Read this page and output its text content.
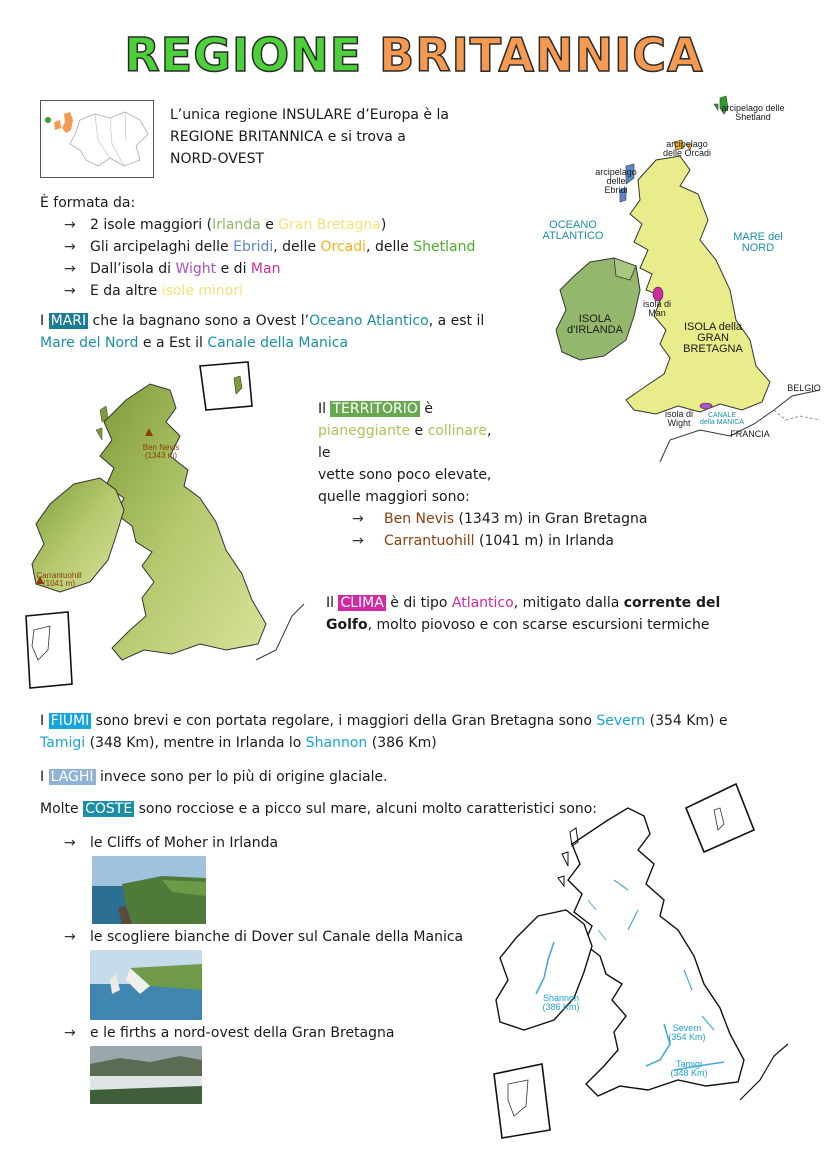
REGIONE BRITANNICA
L’unica regione INSULARE d’Europa è la
REGIONE BRITANNICA e si trova a
NORD-OVEST
È formata da:
→ 2 isole maggiori (Irlanda e Gran Bretagna)
→ Gli arcipelaghi delle Ebridi, delle Orcadi, delle Shetland
→ Dall’isola di Wight e di Man
→ E da altre isole minori
I MARI che la bagnano sono a Ovest l’Oceano Atlantico, a est il
Mare del Nord e a Est il Canale della Manica
arcipelago delle Shetland
arcipelago delle Orcadi
arcipelago delle Ebridi
OCEANO ATLANTICO	MARE del NORD
isola di Man
ISOLA d'IRLANDA	ISOLA della GRAN BRETAGNA
BELGIO
isola di Wight
CANALE della MANICA
FRANCIA
Ben Nevis
(1343 m)
Carrantuohill
(1041 m)
Il TERRITORIO è
pianeggiante e collinare,
le
vette sono poco elevate,
quelle maggiori sono:
→ Ben Nevis (1343 m) in Gran Bretagna
→ Carrantuohill (1041 m) in Irlanda
Il CLIMA è di tipo Atlantico, mitigato dalla corrente del
Golfo, molto piovoso e con scarse escursioni termiche
I FIUMI sono brevi e con portata regolare, i maggiori della Gran Bretagna sono Severn (354 Km) e
Tamigi (348 Km), mentre in Irlanda lo Shannon (386 Km)
I LAGHI invece sono per lo più di origine glaciale.
Molte COSTE sono rocciose e a picco sul mare, alcuni molto caratteristici sono:
→ le Cliffs of Moher in Irlanda
→ le scogliere bianche di Dover sul Canale della Manica
→ e le firths a nord-ovest della Gran Bretagna
Shannon
(386 Km)
Severn
(354 Km)
Tamigi
(348 Km)
